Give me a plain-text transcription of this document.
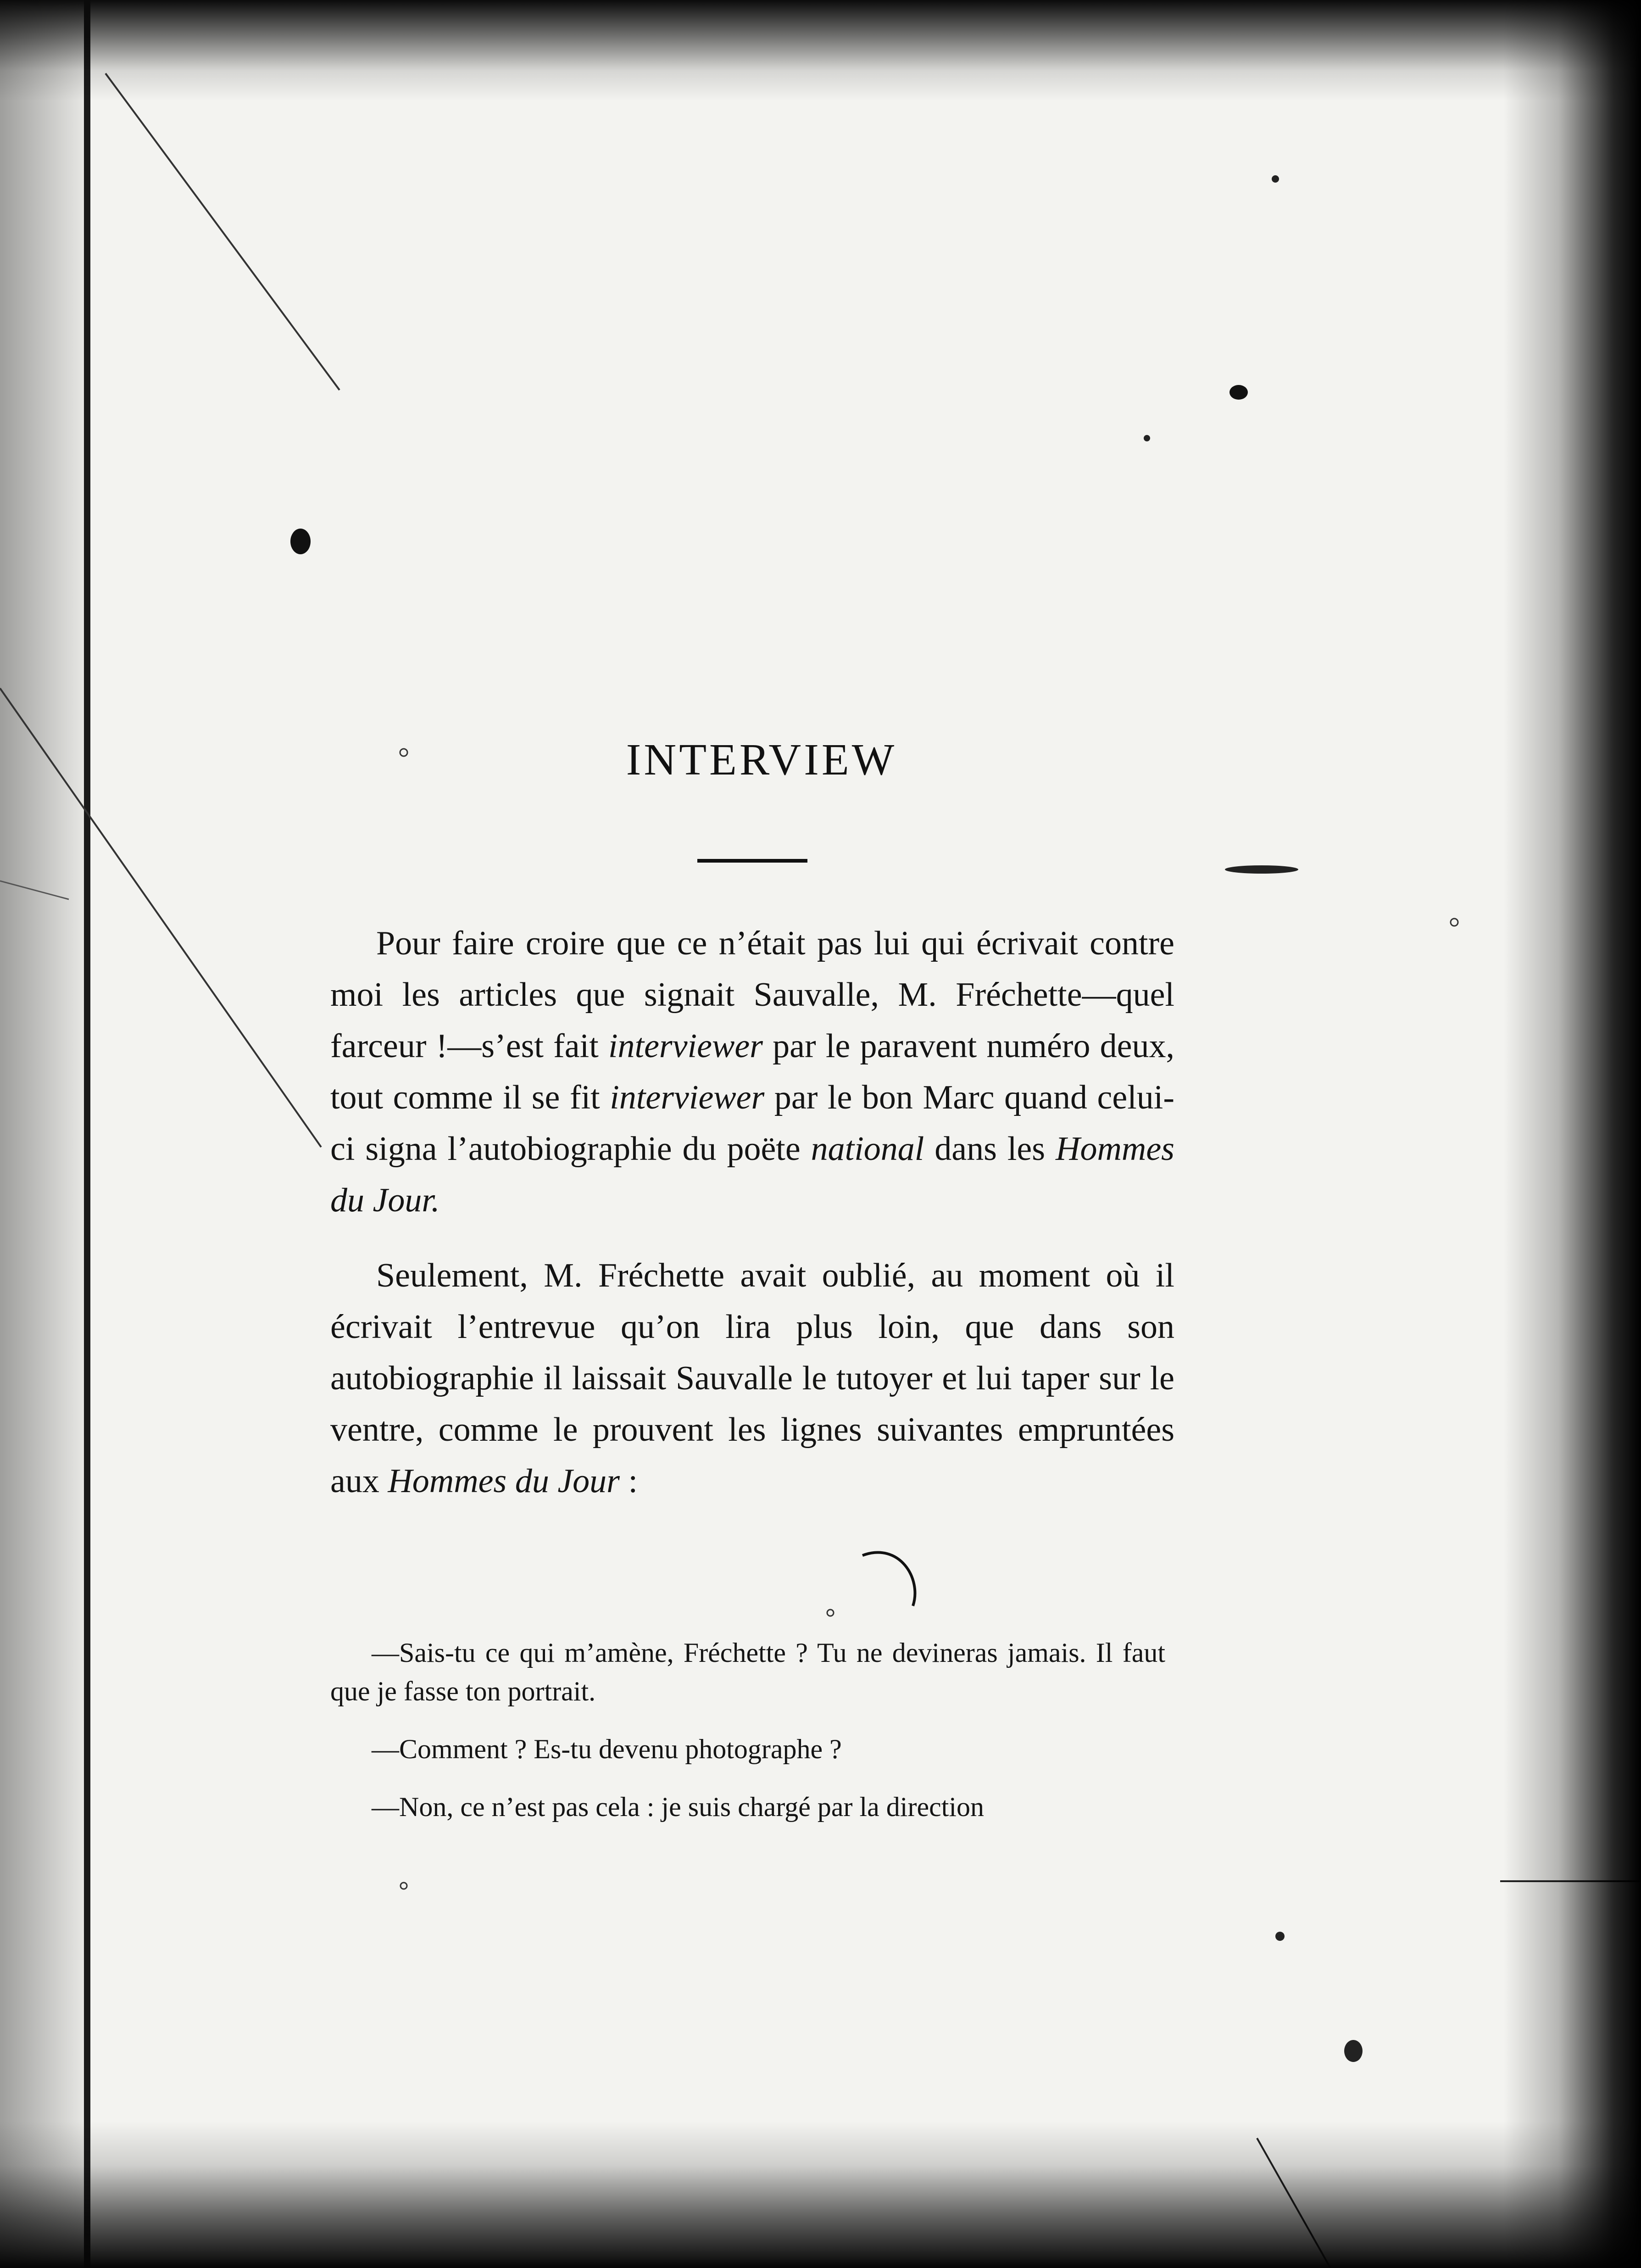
INTERVIEW

Pour faire croire que ce n’était pas lui qui écrivait contre moi les articles que signait Sauvalle, M. Fréchette—quel farceur !—s’est fait interviewer par le paravent numéro deux, tout comme il se fit interviewer par le bon Marc quand celui-ci signa l’autobiographie du poëte national dans les Hommes du Jour.

Seulement, M. Fréchette avait oublié, au moment où il écrivait l’entrevue qu’on lira plus loin, que dans son autobiographie il laissait Sauvalle le tutoyer et lui taper sur le ventre, comme le prouvent les lignes suivantes empruntées aux Hommes du Jour :

—Sais-tu ce qui m’amène, Fréchette ? Tu ne devineras jamais. Il faut que je fasse ton portrait.

—Comment ? Es-tu devenu photographe ?

—Non, ce n’est pas cela : je suis chargé par la direction
